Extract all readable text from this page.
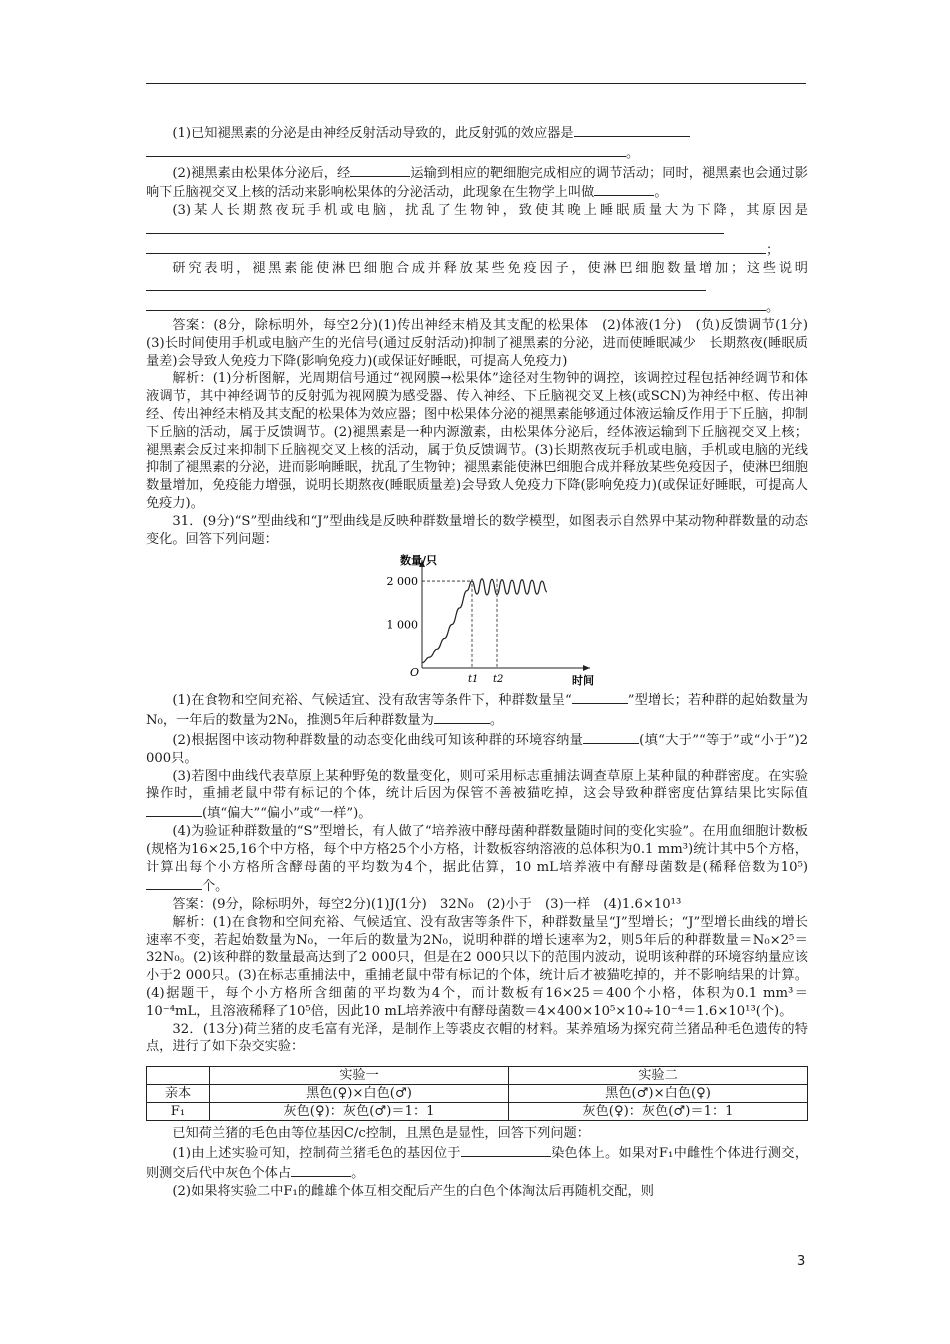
(1)已知褪黑素的分泌是由神经反射活动导致的，此反射弧的效应器是
。

(2)褪黑素由松果体分泌后，经	运输到相应的靶细胞完成相应的调节活动；同时，褪黑素也会通过影响下丘脑视交叉上核的活动来影响松果体的分泌活动，此现象在生物学上叫做	。

(3)某人长期熬夜玩手机或电脑，扰乱了生物钟，致使其晚上睡眠质量大为下降，其原因是
；

研究表明，褪黑素能使淋巴细胞合成并释放某些免疫因子，使淋巴细胞数量增加；这些说明
。

答案：(8分，除标明外，每空2分)(1)传出神经末梢及其支配的松果体　(2)体液(1分)　(负)反馈调节(1分)　(3)长时间使用手机或电脑产生的光信号(通过反射活动)抑制了褪黑素的分泌，进而使睡眠减少　长期熬夜(睡眠质量差)会导致人免疫力下降(影响免疫力)(或保证好睡眠，可提高人免疫力)

解析：(1)分析图解，光周期信号通过“视网膜→松果体”途径对生物钟的调控，该调控过程包括神经调节和体液调节，其中神经调节的反射弧为视网膜为感受器、传入神经、下丘脑视交叉上核(或SCN)为神经中枢、传出神经、传出神经末梢及其支配的松果体为效应器；图中松果体分泌的褪黑素能够通过体液运输反作用于下丘脑，抑制下丘脑的活动，属于反馈调节。(2)褪黑素是一种内源激素，由松果体分泌后，经体液运输到下丘脑视交叉上核；褪黑素会反过来抑制下丘脑视交叉上核的活动，属于负反馈调节。(3)长期熬夜玩手机或电脑，手机或电脑的光线抑制了褪黑素的分泌，进而影响睡眠，扰乱了生物钟；褪黑素能使淋巴细胞合成并释放某些免疫因子，使淋巴细胞数量增加，免疫能力增强，说明长期熬夜(睡眠质量差)会导致人免疫力下降(影响免疫力)(或保证好睡眠，可提高人免疫力)。

31．(9分)“S”型曲线和“J”型曲线是反映种群数量增长的数学模型，如图表示自然界中某动物种群数量的动态变化。回答下列问题：

数量/只
时间
O
1 000
2 000
t1 t2

(1)在食物和空间充裕、气候适宜、没有敌害等条件下，种群数量呈“	”型增长；若种群的起始数量为N₀，一年后的数量为2N₀，推测5年后种群数量为	。

(2)根据图中该动物种群数量的动态变化曲线可知该种群的环境容纳量	(填“大于”“等于”或“小于”)2 000只。

(3)若图中曲线代表草原上某种野兔的数量变化，则可采用标志重捕法调查草原上某种鼠的种群密度。在实验操作时，重捕老鼠中带有标记的个体，统计后因为保管不善被猫吃掉，这会导致种群密度估算结果比实际值(填“偏大”“偏小”或“一样”)。

(4)为验证种群数量的“S”型增长，有人做了“培养液中酵母菌种群数量随时间的变化实验”。在用血细胞计数板(规格为16×25,16个中方格，每个中方格25个小方格，计数板容纳溶液的总体积为0.1 mm³)统计其中5个方格，计算出每个小方格所含酵母菌的平均数为4个，据此估算，10 mL培养液中有酵母菌数是(稀释倍数为10⁵)个。

答案：(9分，除标明外，每空2分)(1)J(1分)　32N₀　(2)小于　(3)一样　(4)1.6×10¹³

解析：(1)在食物和空间充裕、气候适宜、没有敌害等条件下，种群数量呈“J”型增长；“J”型增长曲线的增长速率不变，若起始数量为N₀，一年后的数量为2N₀，说明种群的增长速率为2，则5年后的种群数量＝N₀×2⁵＝32N₀。(2)该种群的数量最高达到了2 000只，但是在2 000只以下的范围内波动，说明该种群的环境容纳量应该小于2 000只。(3)在标志重捕法中，重捕老鼠中带有标记的个体，统计后才被猫吃掉的，并不影响结果的计算。(4)据题干，每个小方格所含细菌的平均数为4个，而计数板有16×25＝400个小格，体积为0.1 mm³＝10⁻⁴mL，且溶液稀释了10⁵倍，因此10 mL培养液中有酵母菌数＝4×400×10⁵×10÷10⁻⁴＝1.6×10¹³(个)。

32．(13分)荷兰猪的皮毛富有光泽，是制作上等裘皮衣帽的材料。某养殖场为探究荷兰猪品种毛色遗传的特点，进行了如下杂交实验：

	实验一	实验二
亲本	黑色(♀)×白色(♂)	黑色(♂)×白色(♀)
F₁	灰色(♀)：灰色(♂)＝1：1	灰色(♀)：灰色(♂)＝1：1

已知荷兰猪的毛色由等位基因C/c控制，且黑色是显性，回答下列问题：

(1)由上述实验可知，控制荷兰猪毛色的基因位于	染色体上。如果对F₁中雌性个体进行测交，则测交后代中灰色个体占	。

(2)如果将实验二中F₁的雌雄个体互相交配后产生的白色个体淘汰后再随机交配，则

3
